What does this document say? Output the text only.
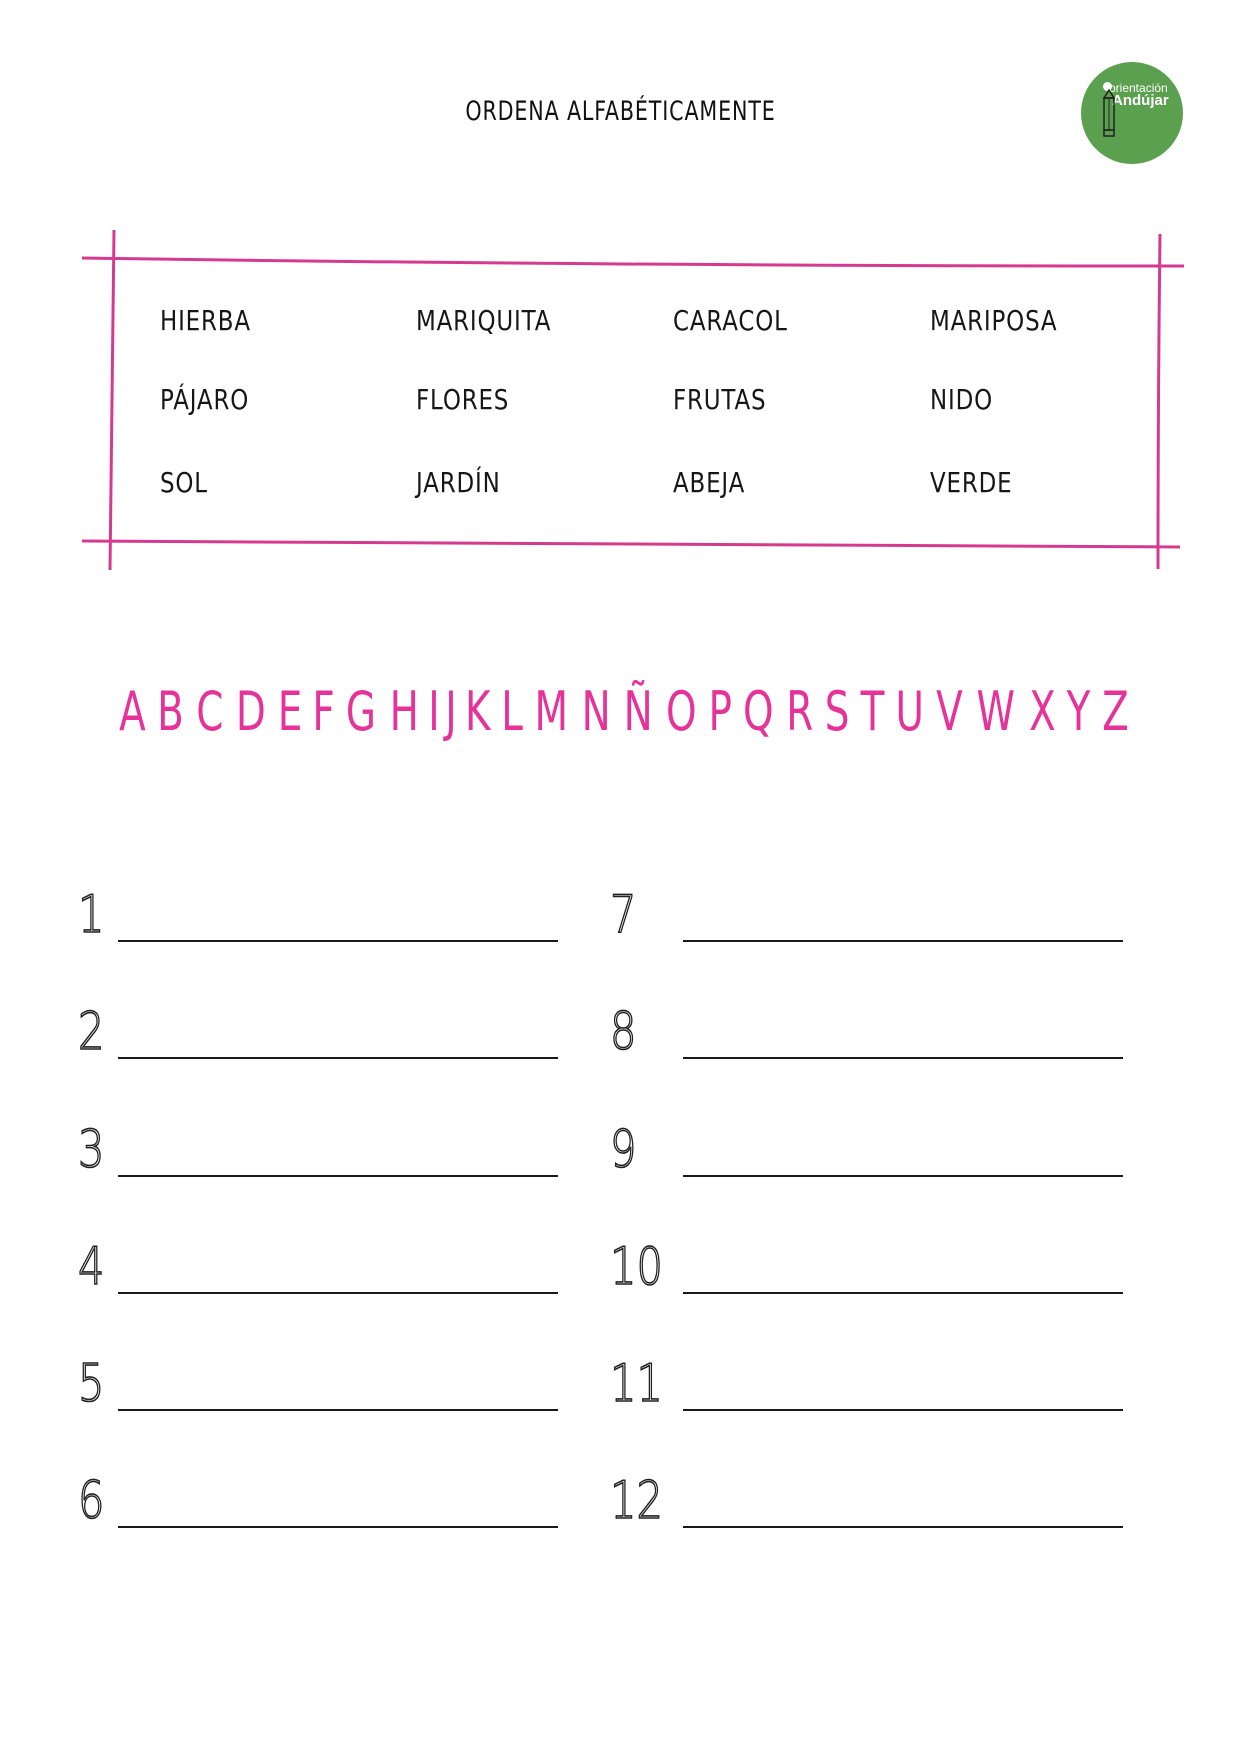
ORDENA ALFABÉTICAMENTE
orientación
Andújar
HIERBA	MARIQUITA	CARACOL	MARIPOSA
PÁJARO	FLORES	FRUTAS	NIDO
SOL	JARDÍN	ABEJA	VERDE
A B C D E F G H I J K L M N Ñ O P Q R S T U V W X Y Z
1
2
3
4
5
6
7
8
9
10
11
12
